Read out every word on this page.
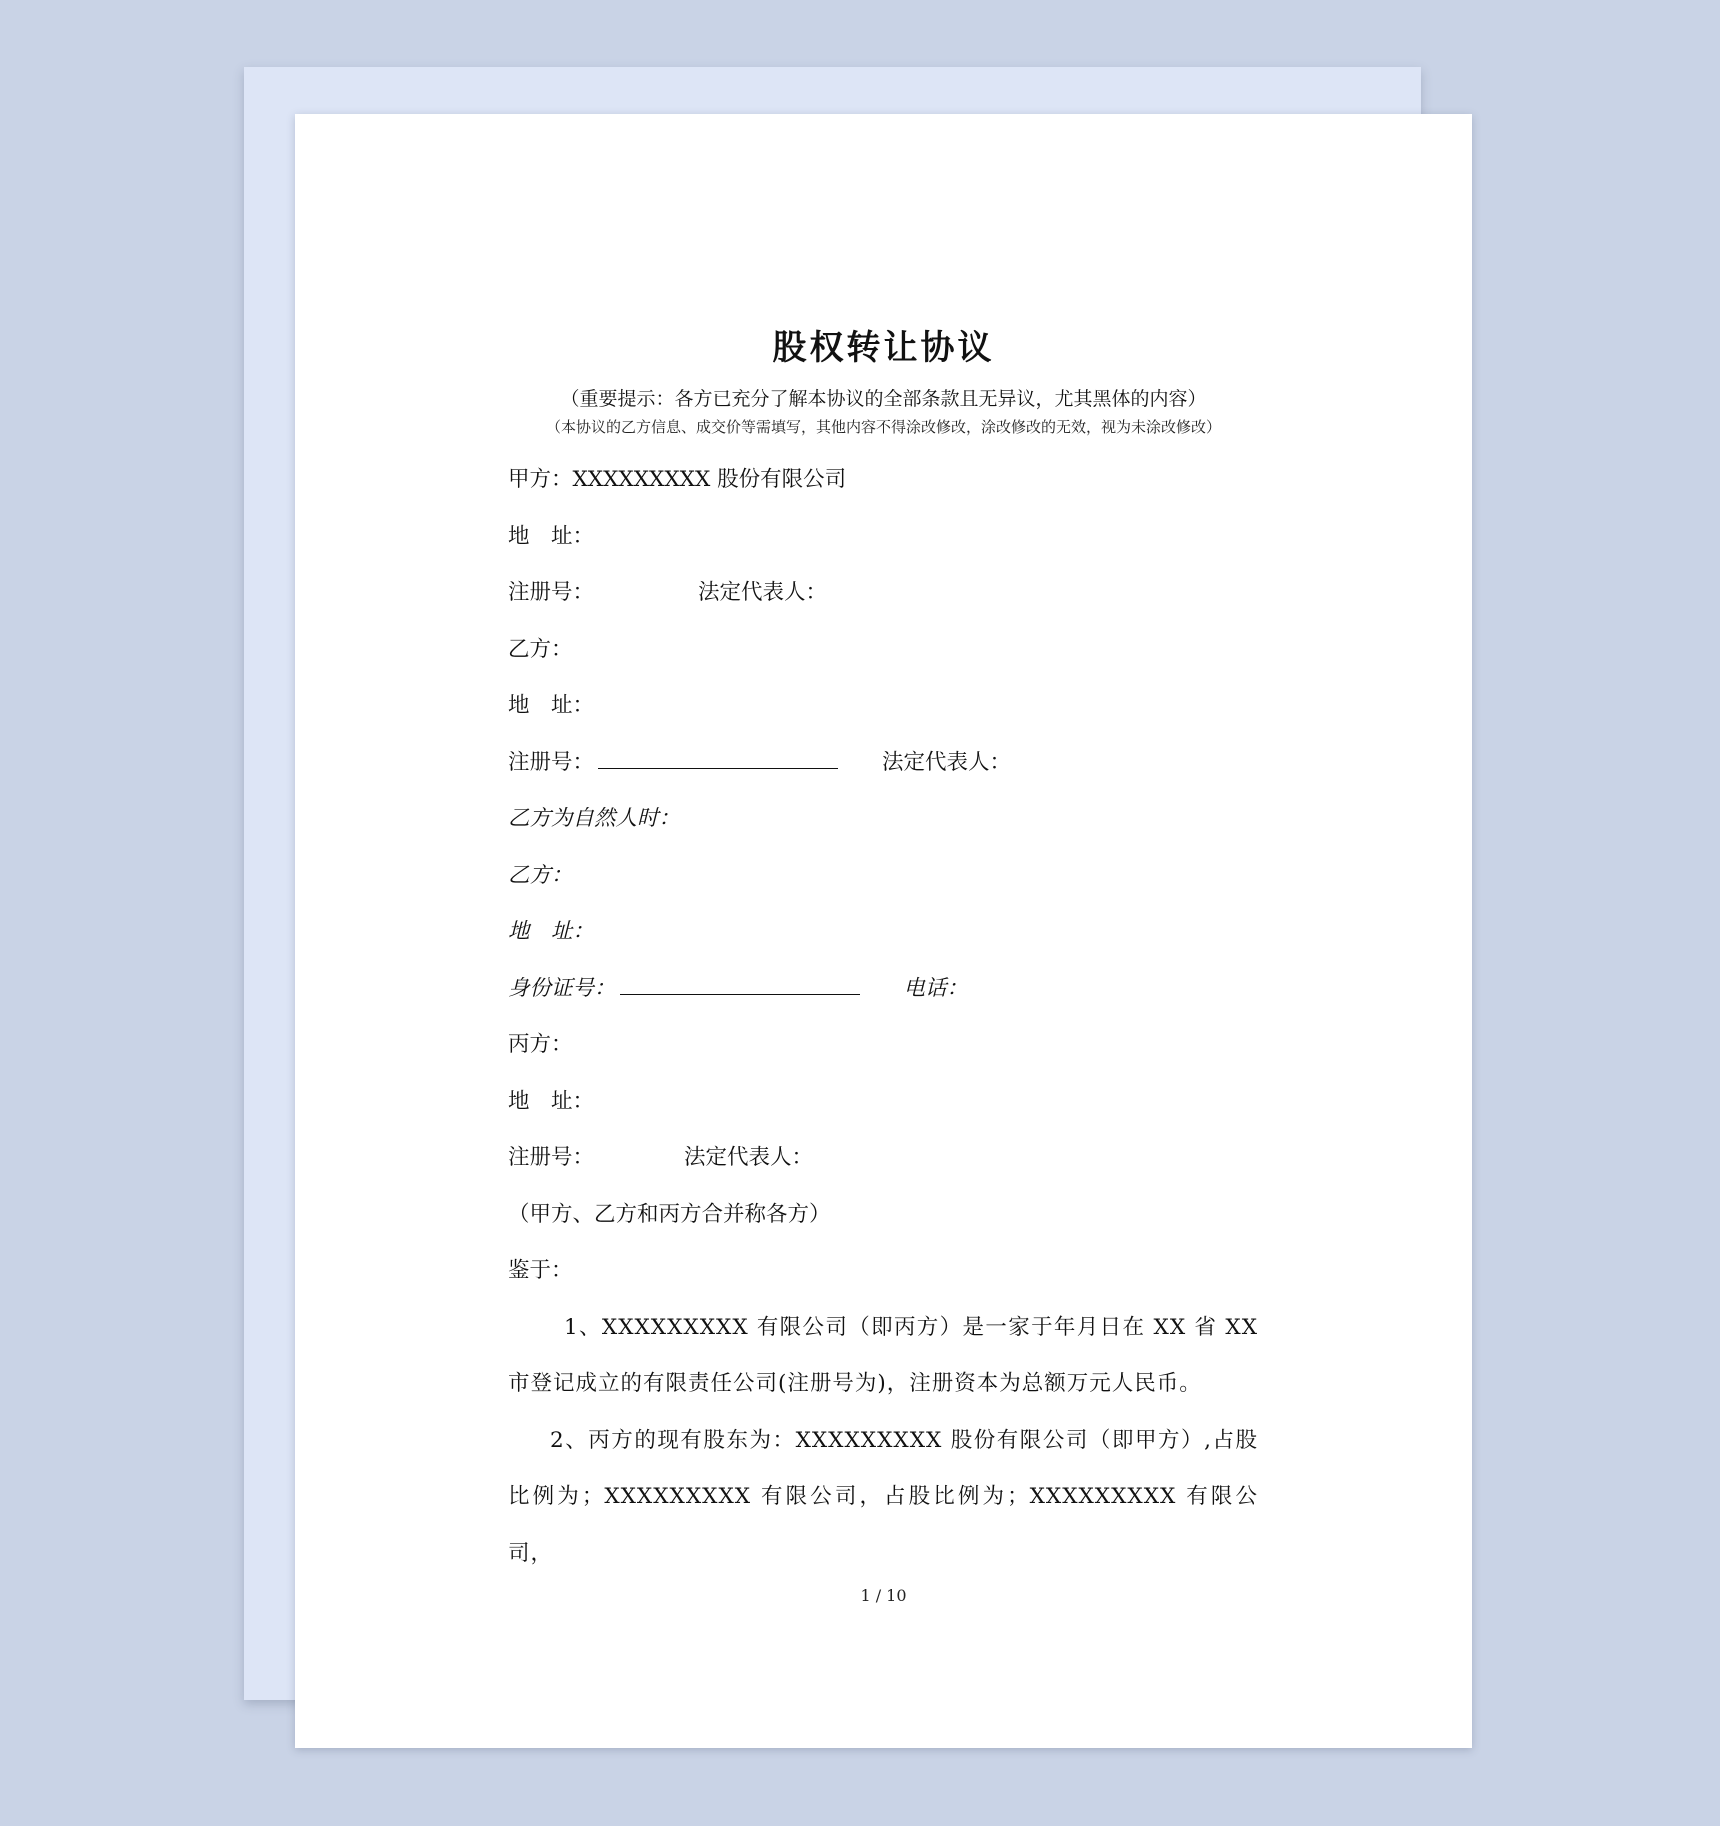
股权转让协议
（重要提示：各方已充分了解本协议的全部条款且无异议，尤其黑体的内容）
（本协议的乙方信息、成交价等需填写，其他内容不得涂改修改，涂改修改的无效，视为未涂改修改）
甲方：XXXXXXXXX 股份有限公司
地　址：
注册号：	法定代表人：
乙方：
地　址：
注册号：	法定代表人：
乙方为自然人时：
乙方：
地　址：
身份证号：	电话：
丙方：
地　址：
注册号：	法定代表人：
（甲方、乙方和丙方合并称各方）
鉴于：
1、XXXXXXXXX 有限公司（即丙方）是一家于年月日在 XX 省 XX 市登记成立的有限责任公司(注册号为)，注册资本为总额万元人民币。
2、丙方的现有股东为：XXXXXXXXX 股份有限公司（即甲方）,占股比例为；XXXXXXXXX 有限公司，占股比例为；XXXXXXXXX 有限公司，
1 / 10
